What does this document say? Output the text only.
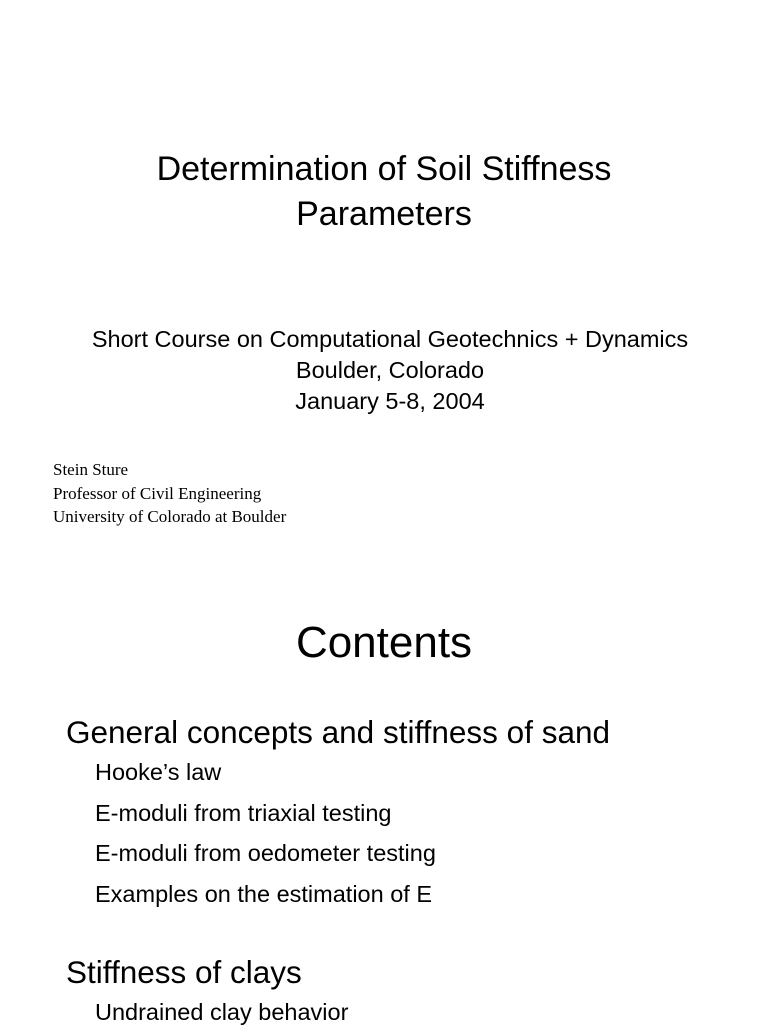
Determination of Soil Stiffness
Parameters
Short Course on Computational Geotechnics + Dynamics
Boulder, Colorado
January 5-8, 2004
Stein Sture
Professor of Civil Engineering
University of Colorado at Boulder
Contents
General concepts and stiffness of sand
Hooke’s law
E-moduli from triaxial testing
E-moduli from oedometer testing
Examples on the estimation of E
Stiffness of clays
Undrained clay behavior
